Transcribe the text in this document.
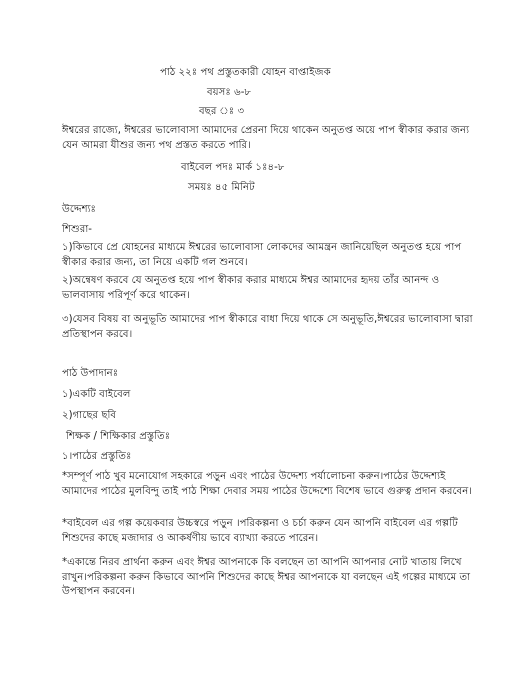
পাঠ ২২ঃ পথ প্রস্তুতকারী যোহন বাপ্তাইজক
বয়সঃ ৬-৮
বছর ঃ ৩
ঈশ্বরের রাজ্যে, ঈশ্বরের ভালোবাসা আমাদের প্রেরনা দিয়ে থাকেন অনুতপ্ত অয়ে পাপ স্বীকার করার জন্য যেন আমরা যীশুর জন্য পথ প্রস্তত করতে পারি।
বাইবেল পদঃ মার্ক ১ঃ৪-৮
সময়ঃ ৪৫ মিনিট
উদ্দেশ্যঃ
শিশুরা-
১)কিভাবে প্রে যোহনের মাধ্যমে ঈশ্বরের ভালোবাসা লোকদের আমন্ত্রন জানিয়েছিল অনুতপ্ত হয়ে পাপ স্বীকার করার জন্য, তা নিয়ে একটি গল শুনবে।
২)অন্বেষণ করবে যে অনুতপ্ত হয়ে পাপ স্বীকার করার মাধ্যমে ঈশ্বর আমাদের হৃদয় তাঁর আনন্দ ও ভালবাসায় পরিপূর্ণ করে থাকেন।
৩)যেসব বিষয় বা অনুভূতি আমাদের পাপ স্বীকারে বাধা দিয়ে থাকে সে অনুভূতি,ঈশ্বরের ভালোবাসা দ্বারা প্রতিস্থাপন করবে।
পাঠ উপাদানঃ
১)একটি বাইবেল
২)গাছের ছবি
শিক্ষক / শিক্ষিকার প্রস্তুতিঃ
১।পাঠের প্রস্তুতিঃ
*সম্পূর্ণ পাঠ খুব মনোযোগ সহকারে পড়ুন এবং পাঠের উদ্দেশ্য পর্যালোচনা করুন।পাঠের উদ্দেশ্যই আমাদের পাঠের মুলবিন্দু তাই পাঠ শিক্ষা দেবার সময় পাঠের উদ্দেশ্যে বিশেষ ভাবে গুরুত্ব প্রদান করবেন।
*বাইবেল এর গল্প কয়েকবার উচ্চস্বরে পড়ুন ।পরিকল্পনা ও চর্চা করুন যেন আপনি বাইবেল এর গল্পটি শিশুদের কাছে মজাদার ও আকর্ষণীয় ভাবে ব্যাখ্যা করতে পারেন।
*একান্তে নিরব প্রার্থনা করুন এবং ঈশ্বর আপনাকে কি বলছেন তা আপনি আপনার নোট খাতায় লিখে রাখুন।পরিকল্পনা করুন কিভাবে আপনি শিশুদের কাছে ঈশ্বর আপনাকে যা বলছেন এই গল্পের মাধ্যমে তা উপস্থাপন করবেন।
